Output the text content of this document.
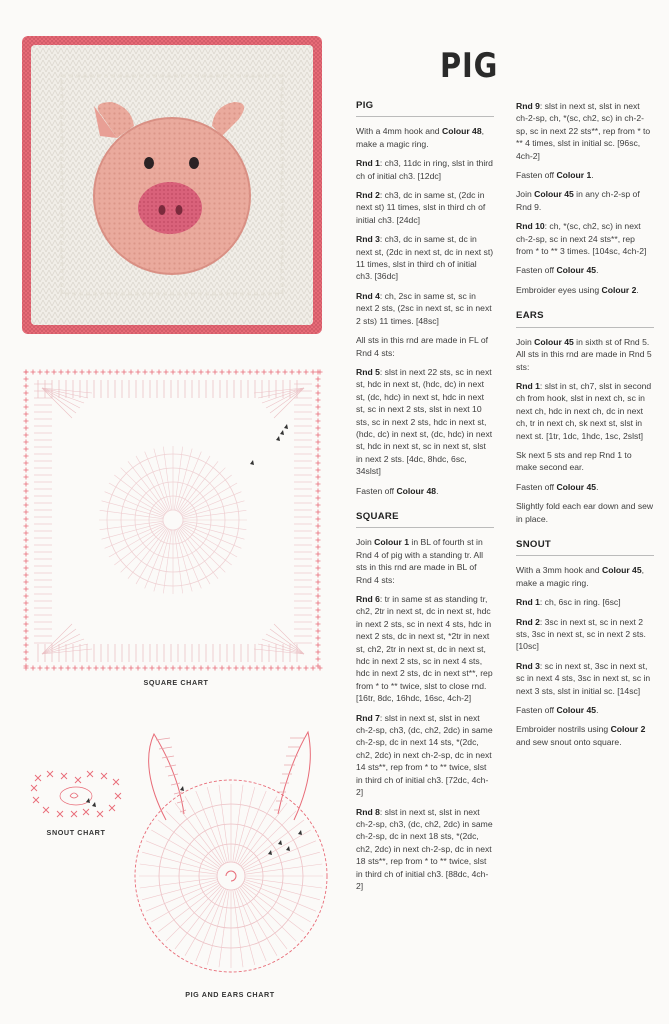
SQUARE CHART
SNOUT CHART
PIG AND EARS CHART
PIG
PIG

With a 4mm hook and Colour 48, make a magic ring.

Rnd 1: ch3, 11dc in ring, slst in third ch of initial ch3. [12dc]

Rnd 2: ch3, dc in same st, (2dc in next st) 11 times, slst in third ch of initial ch3. [24dc]

Rnd 3: ch3, dc in same st, dc in next st, (2dc in next st, dc in next st) 11 times, slst in third ch of initial ch3. [36dc]

Rnd 4: ch, 2sc in same st, sc in next 2 sts, (2sc in next st, sc in next 2 sts) 11 times. [48sc]

All sts in this rnd are made in FL of Rnd 4 sts:

Rnd 5: slst in next 22 sts, sc in next st, hdc in next st, (hdc, dc) in next st, (dc, hdc) in next st, hdc in next st, sc in next 2 sts, slst in next 10 sts, sc in next 2 sts, hdc in next st, (hdc, dc) in next st, (dc, hdc) in next st, hdc in next st, sc in next st, slst in next 2 sts. [4dc, 8hdc, 6sc, 34slst]

Fasten off Colour 48.

SQUARE

Join Colour 1 in BL of fourth st in Rnd 4 of pig with a standing tr. All sts in this rnd are made in BL of Rnd 4 sts:

Rnd 6: tr in same st as standing tr, ch2, 2tr in next st, dc in next st, hdc in next 2 sts, sc in next 4 sts, hdc in next 2 sts, dc in next st, *2tr in next st, ch2, 2tr in next st, dc in next st, hdc in next 2 sts, sc in next 4 sts, hdc in next 2 sts, dc in next st**, rep from * to ** twice, slst to close rnd. [16tr, 8dc, 16hdc, 16sc, 4ch-2]

Rnd 7: slst in next st, slst in next ch-2-sp, ch3, (dc, ch2, 2dc) in same ch-2-sp, dc in next 14 sts, *(2dc, ch2, 2dc) in next ch-2-sp, dc in next 14 sts**, rep from * to ** twice, slst in third ch of initial ch3. [72dc, 4ch-2]

Rnd 8: slst in next st, slst in next ch-2-sp, ch3, (dc, ch2, 2dc) in same ch-2-sp, dc in next 18 sts, *(2dc, ch2, 2dc) in next ch-2-sp, dc in next 18 sts**, rep from * to ** twice, slst in third ch of initial ch3. [88dc, 4ch-2]

Rnd 9: slst in next st, slst in next ch-2-sp, ch, *(sc, ch2, sc) in ch-2-sp, sc in next 22 sts**, rep from * to ** 4 times, slst in initial sc. [96sc, 4ch-2]

Fasten off Colour 1.

Join Colour 45 in any ch-2-sp of Rnd 9.

Rnd 10: ch, *(sc, ch2, sc) in next ch-2-sp, sc in next 24 sts**, rep from * to ** 3 times. [104sc, 4ch-2]

Fasten off Colour 45.

Embroider eyes using Colour 2.

EARS

Join Colour 45 in sixth st of Rnd 5. All sts in this rnd are made in Rnd 5 sts:

Rnd 1: slst in st, ch7, slst in second ch from hook, slst in next ch, sc in next ch, hdc in next ch, dc in next ch, tr in next ch, sk next st, slst in next st. [1tr, 1dc, 1hdc, 1sc, 2slst]

Sk next 5 sts and rep Rnd 1 to make second ear.

Fasten off Colour 45.

Slightly fold each ear down and sew in place.

SNOUT

With a 3mm hook and Colour 45, make a magic ring.

Rnd 1: ch, 6sc in ring. [6sc]

Rnd 2: 3sc in next st, sc in next 2 sts, 3sc in next st, sc in next 2 sts. [10sc]

Rnd 3: sc in next st, 3sc in next st, sc in next 4 sts, 3sc in next st, sc in next 3 sts, slst in initial sc. [14sc]

Fasten off Colour 45.

Embroider nostrils using Colour 2 and sew snout onto square.
